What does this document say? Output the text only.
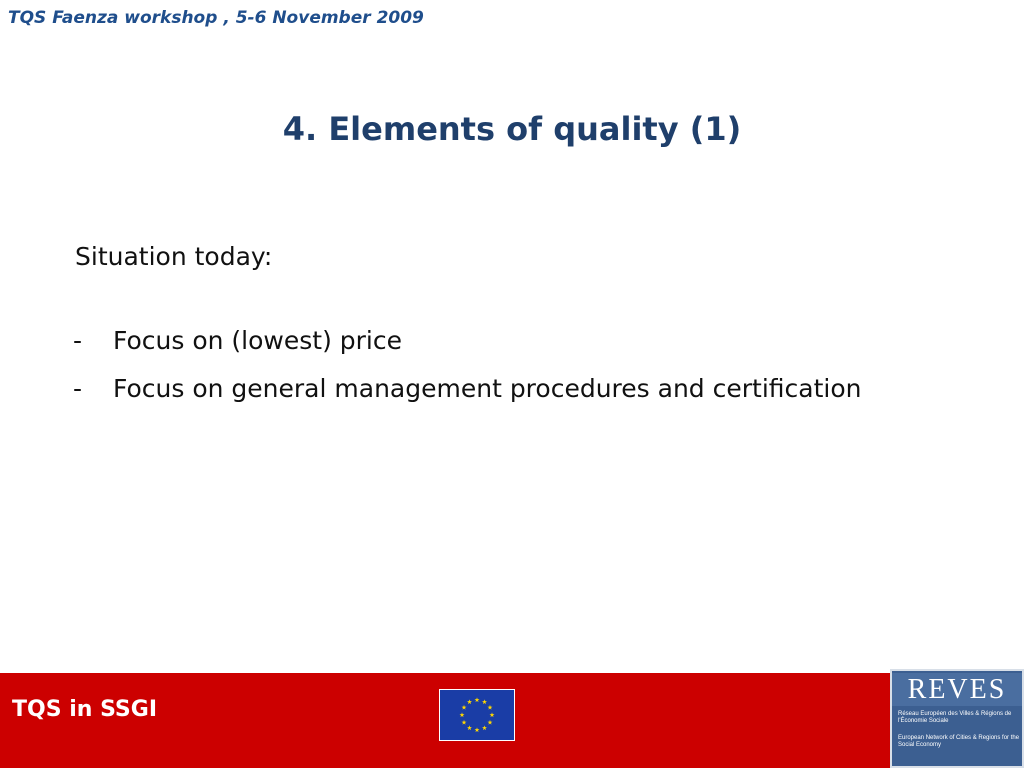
TQS Faenza workshop , 5-6 November 2009
4. Elements of quality (1)
Situation today:
-	Focus on (lowest) price
-	Focus on general management procedures and certification
TQS in SSGI
REVES
Réseau Européen des Villes & Régions de l'Économie Sociale
European Network of Cities & Regions for the Social Economy
